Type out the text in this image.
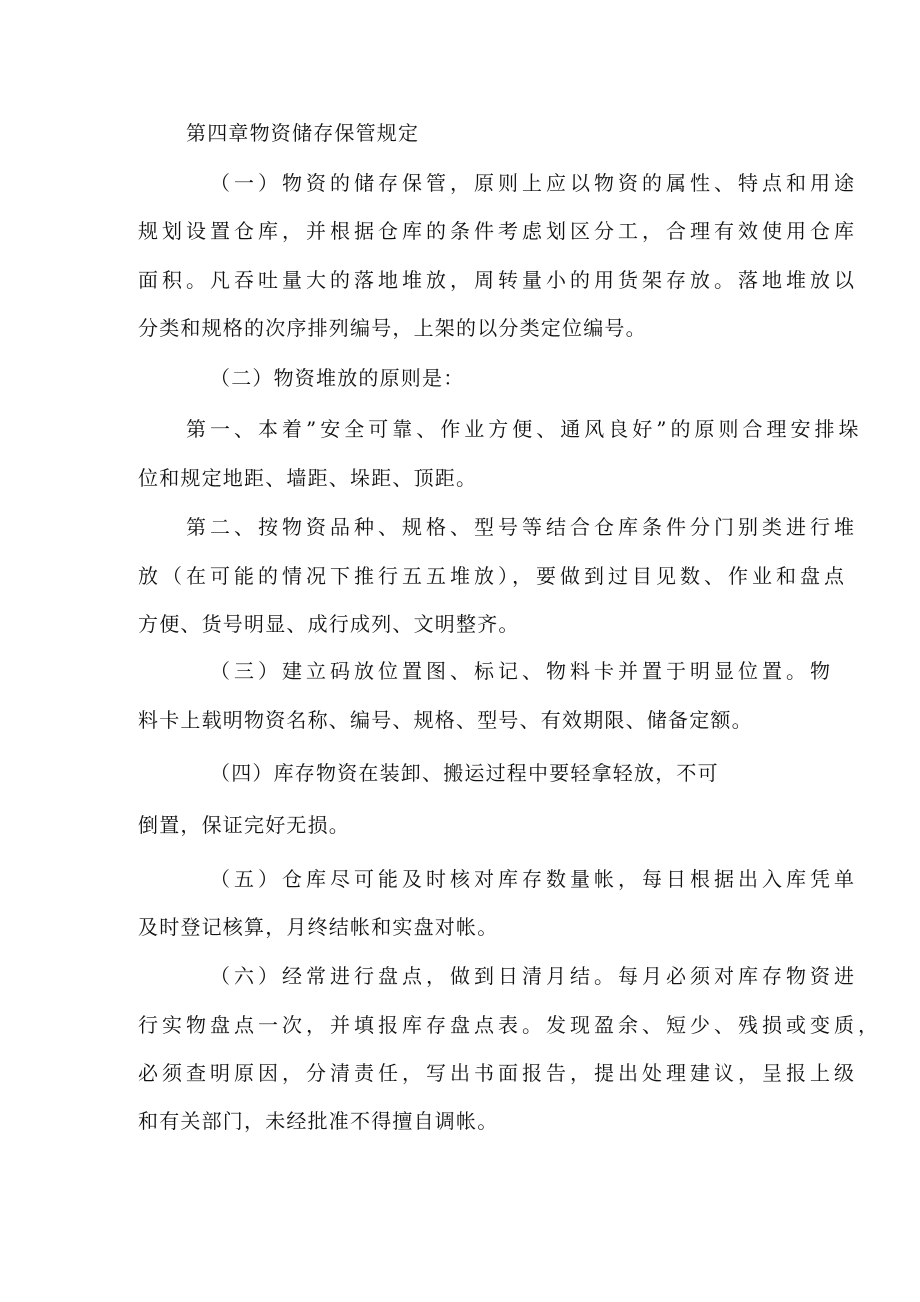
第四章物资储存保管规定
（一）物资的储存保管，原则上应以物资的属性、特点和用途
规划设置仓库，并根据仓库的条件考虑划区分工，合理有效使用仓库
面积。凡吞吐量大的落地堆放，周转量小的用货架存放。落地堆放以
分类和规格的次序排列编号，上架的以分类定位编号。
（二）物资堆放的原则是：
第一、本着”安全可靠、作业方便、通风良好”的原则合理安排垛
位和规定地距、墙距、垛距、顶距。
第二、按物资品种、规格、型号等结合仓库条件分门别类进行堆
放（在可能的情况下推行五五堆放），要做到过目见数、作业和盘点
方便、货号明显、成行成列、文明整齐。
（三）建立码放位置图、标记、物料卡并置于明显位置。物
料卡上载明物资名称、编号、规格、型号、有效期限、储备定额。
（四）库存物资在装卸、搬运过程中要轻拿轻放，不可
倒置，保证完好无损。
（五）仓库尽可能及时核对库存数量帐，每日根据出入库凭单
及时登记核算，月终结帐和实盘对帐。
（六）经常进行盘点，做到日清月结。每月必须对库存物资进
行实物盘点一次，并填报库存盘点表。发现盈余、短少、残损或变质，
必须查明原因，分清责任，写出书面报告，提出处理建议，呈报上级
和有关部门，未经批准不得擅自调帐。
